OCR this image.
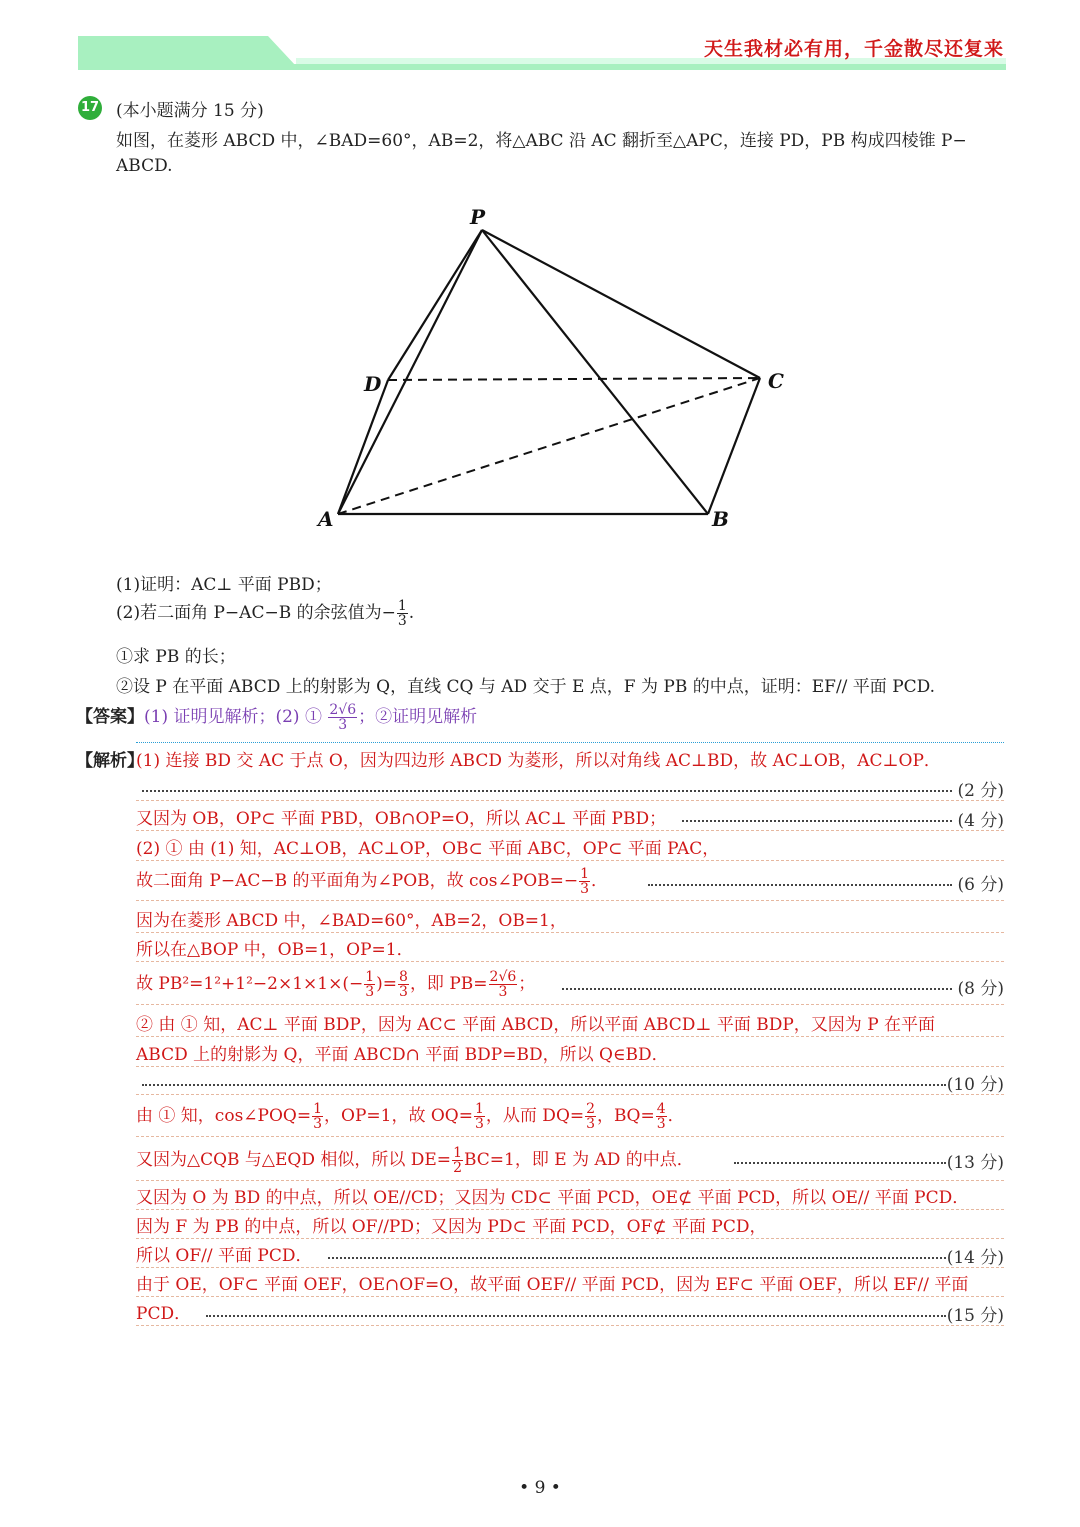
天生我材必有用，千金散尽还复来
17 (本小题满分 15 分)
如图，在菱形 ABCD 中，∠BAD=60°，AB=2，将△ABC 沿 AC 翻折至△APC，连接 PD，PB 构成四棱锥 P−
ABCD.
P
D	C
A	B
(1)证明：AC⊥ 平面 PBD；
(2)若二面角 P−AC−B 的余弦值为− $\frac{1}{3}$ .
①求 PB 的长；
②设 P 在平面 ABCD 上的射影为 Q，直线 CQ 与 AD 交于 E 点，F 为 PB 的中点，证明：EF// 平面 PCD.
【答案】(1) 证明见解析；(2) ① $\frac{2√6}{3}$ ；②证明见解析
【解析】
(1) 连接 BD 交 AC 于点 O，因为四边形 ABCD 为菱形，所以对角线 AC⊥BD，故 AC⊥OB，AC⊥OP．
(2 分)
又因为 OB，OP⊂ 平面 PBD，OB∩OP=O，所以 AC⊥ 平面 PBD；	(4 分)
(2) ① 由 (1) 知，AC⊥OB，AC⊥OP，OB⊂ 平面 ABC，OP⊂ 平面 PAC，
故二面角 P−AC−B 的平面角为∠POB，故 cos∠POB=− $\frac{1}{3}$ ．	(6 分)
因为在菱形 ABCD 中，∠BAD=60°，AB=2，OB=1，
所以在△BOP 中，OB=1，OP=1．
故 $PB^2=1^2+1^2-2\times 1\times 1\times(- \frac{1}{3}$ )= $\frac{8}{3}$ ，即 $PB= \frac{2√6}{3}$ ；	(8 分)
② 由 ① 知，AC⊥ 平面 BDP，因为 AC⊂ 平面 ABCD，所以平面 ABCD⊥ 平面 BDP，又因为 P 在平面
ABCD 上的射影为 Q，平面 ABCD∩ 平面 BDP=BD，所以 Q∈BD．
(10 分)
由 ① 知，cos∠POQ= $\frac{1}{3}$ ，OP=1，故 $OQ= \frac{1}{3}$ ，从而 $DQ= \frac{2}{3}$ ，$BQ= \frac{4}{3}$ ．
又因为△CQB 与△EQD 相似，所以 $DE= \frac{1}{2} BC=1$，即 E 为 AD 的中点．	(13 分)
又因为 O 为 BD 的中点，所以 OE//CD；又因为 CD⊂ 平面 PCD，OE⊄ 平面 PCD，所以 OE// 平面 PCD．
因为 F 为 PB 的中点，所以 OF//PD；又因为 PD⊂ 平面 PCD，OF⊄ 平面 PCD，
所以 OF// 平面 PCD．	(14 分)
由于 OE，OF⊂ 平面 OEF，OE∩OF=O，故平面 OEF// 平面 PCD，因为 EF⊂ 平面 OEF，所以 EF// 平面
PCD．	(15 分)
• 9 •
